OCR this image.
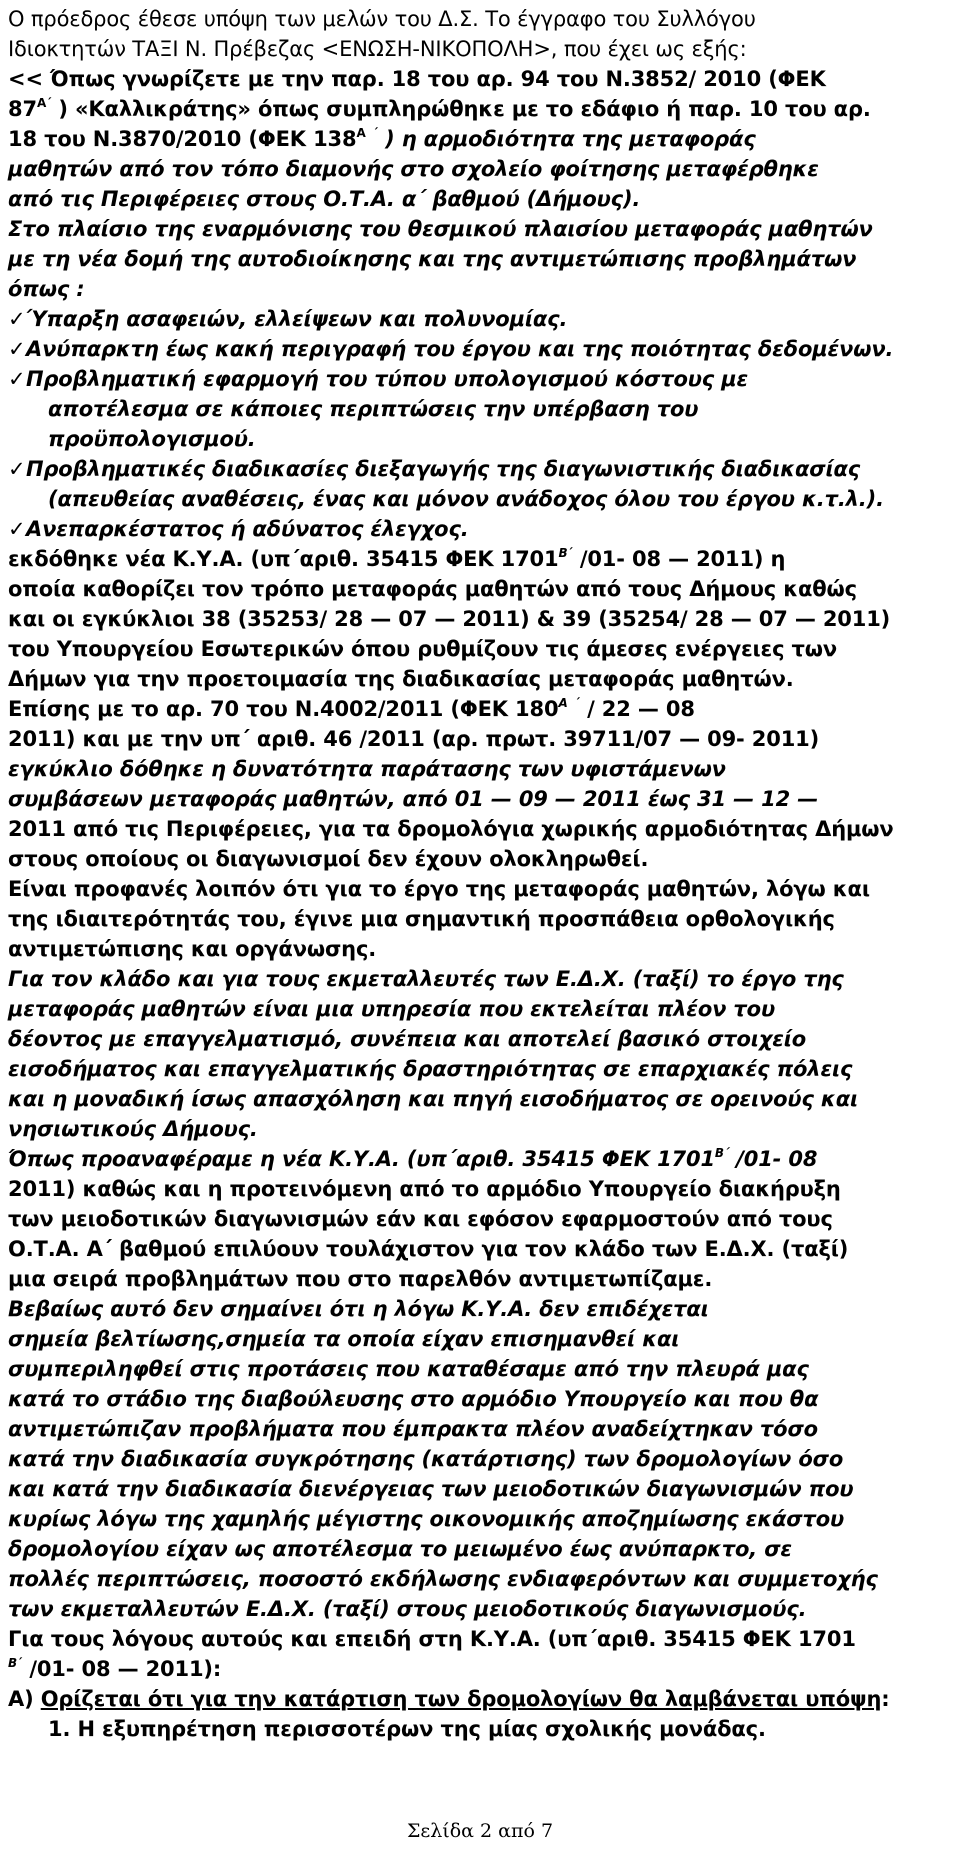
Ο πρόεδρος έθεσε υπόψη των μελών του Δ.Σ. Το έγγραφο του Συλλόγου
Ιδιοκτητών ΤΑΞΙ Ν. Πρέβεζας <ΕΝΩΣΗ-ΝΙΚΟΠΟΛΗ>, που έχει ως εξής:
<< Όπως γνωρίζετε με την παρ. 18 του αρ. 94 του Ν.3852/ 2010 (ΦΕΚ
$87^{A΄}$ ) «Καλλικράτης» όπως συμπληρώθηκε με το εδάφιο ή παρ. 10 του αρ.
18 του Ν.3870/2010 (ΦΕΚ $138^A$ ΄ ) η αρμοδιότητα της μεταφοράς
μαθητών από τον τόπο διαμονής στο σχολείο φοίτησης μεταφέρθηκε
από τις Περιφέρειες στους Ο.Τ.Α. α΄ βαθμού (Δήμους).
Στο πλαίσιο της εναρμόνισης του θεσμικού πλαισίου μεταφοράς μαθητών
με τη νέα δομή της αυτοδιοίκησης και της αντιμετώπισης προβλημάτων
όπως :
✓Ύπαρξη ασαφειών, ελλείψεων και πολυνομίας.
✓Ανύπαρκτη έως κακή περιγραφή του έργου και της ποιότητας δεδομένων.
✓Προβληματική εφαρμογή του τύπου υπολογισμού κόστους με
αποτέλεσμα σε κάποιες περιπτώσεις την υπέρβαση του
προϋπολογισμού.
✓Προβληματικές διαδικασίες διεξαγωγής της διαγωνιστικής διαδικασίας
(απευθείας αναθέσεις, ένας και μόνον ανάδοχος όλου του έργου κ.τ.λ.).
✓Ανεπαρκέστατος ή αδύνατος έλεγχος.
εκδόθηκε νέα Κ.Υ.Α. (υπ΄αριθ. 35415 ΦΕΚ $1701^{B΄}$ /01- 08 — 2011) η
οποία καθορίζει τον τρόπο μεταφοράς μαθητών από τους Δήμους καθώς
και οι εγκύκλιοι 38 (35253/ 28 — 07 — 2011) & 39 (35254/ 28 — 07 — 2011)
του Υπουργείου Εσωτερικών όπου ρυθμίζουν τις άμεσες ενέργειες των
Δήμων για την προετοιμασία της διαδικασίας μεταφοράς μαθητών.
Επίσης με το αρ. 70 του Ν.4002/2011 (ΦΕΚ $180^A$ ΄ / 22 — 08
2011) και με την υπ΄ αριθ. 46 /2011 (αρ. πρωτ. 39711/07 — 09- 2011)
εγκύκλιο δόθηκε η δυνατότητα παράτασης των υφιστάμενων
συμβάσεων μεταφοράς μαθητών, από 01 — 09 — 2011 έως 31 — 12 —
2011 από τις Περιφέρειες, για τα δρομολόγια χωρικής αρμοδιότητας Δήμων
στους οποίους οι διαγωνισμοί δεν έχουν ολοκληρωθεί.
Είναι προφανές λοιπόν ότι για το έργο της μεταφοράς μαθητών, λόγω και
της ιδιαιτερότητάς του, έγινε μια σημαντική προσπάθεια ορθολογικής
αντιμετώπισης και οργάνωσης.
Για τον κλάδο και για τους εκμεταλλευτές των Ε.Δ.Χ. (ταξί) το έργο της
μεταφοράς μαθητών είναι μια υπηρεσία που εκτελείται πλέον του
δέοντος με επαγγελματισμό, συνέπεια και αποτελεί βασικό στοιχείο
εισοδήματος και επαγγελματικής δραστηριότητας σε επαρχιακές πόλεις
και η μοναδική ίσως απασχόληση και πηγή εισοδήματος σε ορεινούς και
νησιωτικούς Δήμους.
Όπως προαναφέραμε η νέα Κ.Υ.Α. (υπ΄αριθ. 35415 ΦΕΚ $1701^{B΄}$ /01- 08
2011) καθώς και η προτεινόμενη από το αρμόδιο Υπουργείο διακήρυξη
των μειοδοτικών διαγωνισμών εάν και εφόσον εφαρμοστούν από τους
Ο.Τ.Α. Α΄ βαθμού επιλύουν τουλάχιστον για τον κλάδο των Ε.Δ.Χ. (ταξί)
μια σειρά προβλημάτων που στο παρελθόν αντιμετωπίζαμε.
Βεβαίως αυτό δεν σημαίνει ότι η λόγω Κ.Υ.Α. δεν επιδέχεται
σημεία βελτίωσης,σημεία τα οποία είχαν επισημανθεί και
συμπεριληφθεί στις προτάσεις που καταθέσαμε από την πλευρά μας
κατά το στάδιο της διαβούλευσης στο αρμόδιο Υπουργείο και που θα
αντιμετώπιζαν προβλήματα που έμπρακτα πλέον αναδείχτηκαν τόσο
κατά την διαδικασία συγκρότησης (κατάρτισης) των δρομολογίων όσο
και κατά την διαδικασία διενέργειας των μειοδοτικών διαγωνισμών που
κυρίως λόγω της χαμηλής μέγιστης οικονομικής αποζημίωσης εκάστου
δρομολογίου είχαν ως αποτέλεσμα το μειωμένο έως ανύπαρκτο, σε
πολλές περιπτώσεις, ποσοστό εκδήλωσης ενδιαφερόντων και συμμετοχής
των εκμεταλλευτών Ε.Δ.Χ. (ταξί) στους μειοδοτικούς διαγωνισμούς.
Για τους λόγους αυτούς και επειδή στη Κ.Υ.Α. (υπ΄αριθ. 35415 ΦΕΚ 1701
$^{B΄}$ /01- 08 — 2011):
A) Ορίζεται ότι για την κατάρτιση των δρομολογίων θα λαμβάνεται υπόψη:
1. Η εξυπηρέτηση περισσοτέρων της μίας σχολικής μονάδας.
Σελίδα 2 από 7
